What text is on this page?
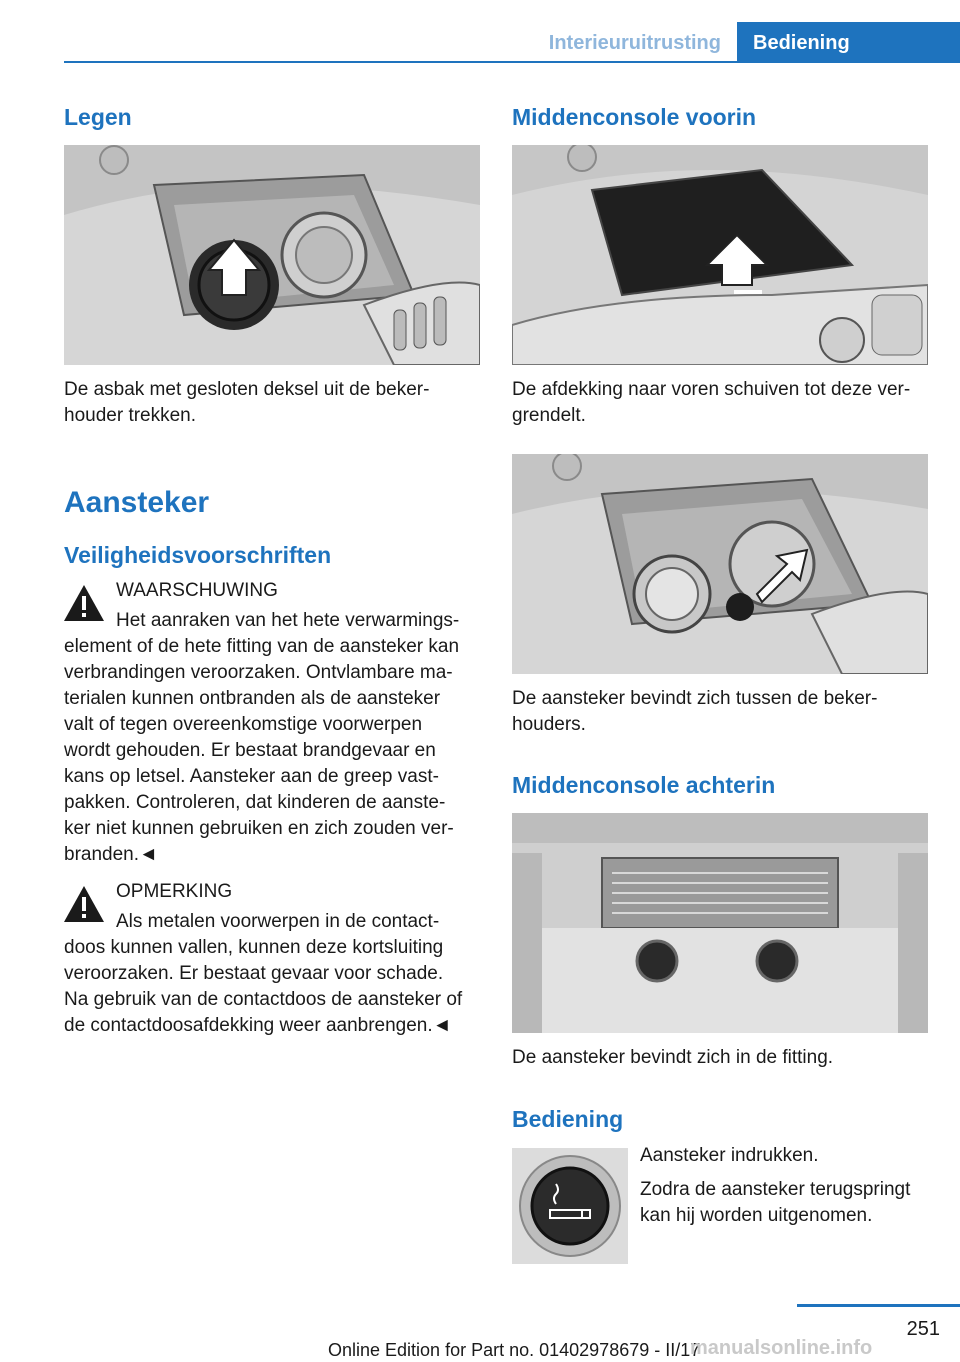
Interieuruitrusting	Bediening
Legen
De asbak met gesloten deksel uit de beker-
houder trekken.
Aansteker
Veiligheidsvoorschriften
WAARSCHUWING
Het aanraken van het hete verwarmings-
element of de hete fitting van de aansteker kan
verbrandingen veroorzaken. Ontvlambare ma-
terialen kunnen ontbranden als de aansteker
valt of tegen overeenkomstige voorwerpen
wordt gehouden. Er bestaat brandgevaar en
kans op letsel. Aansteker aan de greep vast-
pakken. Controleren, dat kinderen de aanste-
ker niet kunnen gebruiken en zich zouden ver-
branden.◄
OPMERKING
Als metalen voorwerpen in de contact-
doos kunnen vallen, kunnen deze kortsluiting
veroorzaken. Er bestaat gevaar voor schade.
Na gebruik van de contactdoos de aansteker of
de contactdoosafdekking weer aanbrengen.◄
Middenconsole voorin
De afdekking naar voren schuiven tot deze ver-
grendelt.
De aansteker bevindt zich tussen de beker-
houders.
Middenconsole achterin
De aansteker bevindt zich in de fitting.
Bediening
Aansteker indrukken.
Zodra de aansteker terugspringt
kan hij worden uitgenomen.
251
Online Edition for Part no. 01402978679 - II/17
manualsonline.info
